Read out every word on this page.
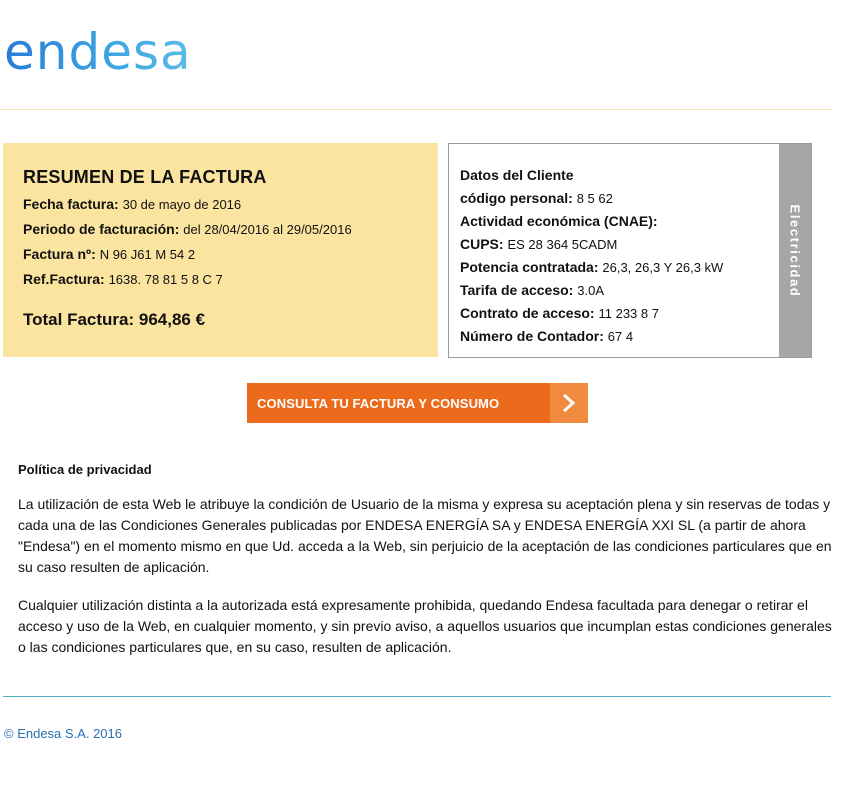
endesa
RESUMEN DE LA FACTURA
Fecha factura: 30 de mayo de 2016
Periodo de facturación: del 28/04/2016 al 29/05/2016
Factura nº: N 96 J61 M 54 2
Ref.Factura: 1638. 78 81 5 8 C 7
Total Factura: 964,86 €
Datos del Cliente
código personal: 8 5 62
Actividad económica (CNAE):
CUPS: ES 28 364 5CADM
Potencia contratada: 26,3, 26,3 Y 26,3 kW
Tarifa de acceso: 3.0A
Contrato de acceso: 11 233 8 7
Número de Contador: 67 4
Electricidad
CONSULTA TU FACTURA Y CONSUMO
Política de privacidad

La utilización de esta Web le atribuye la condición de Usuario de la misma y expresa su aceptación plena y sin reservas de todas y cada una de las Condiciones Generales publicadas por ENDESA ENERGÍA SA y ENDESA ENERGÍA XXI SL (a partir de ahora "Endesa") en el momento mismo en que Ud. acceda a la Web, sin perjuicio de la aceptación de las condiciones particulares que en su caso resulten de aplicación.

Cualquier utilización distinta a la autorizada está expresamente prohibida, quedando Endesa facultada para denegar o retirar el acceso y uso de la Web, en cualquier momento, y sin previo aviso, a aquellos usuarios que incumplan estas condiciones generales o las condiciones particulares que, en su caso, resulten de aplicación.

© Endesa S.A. 2016
